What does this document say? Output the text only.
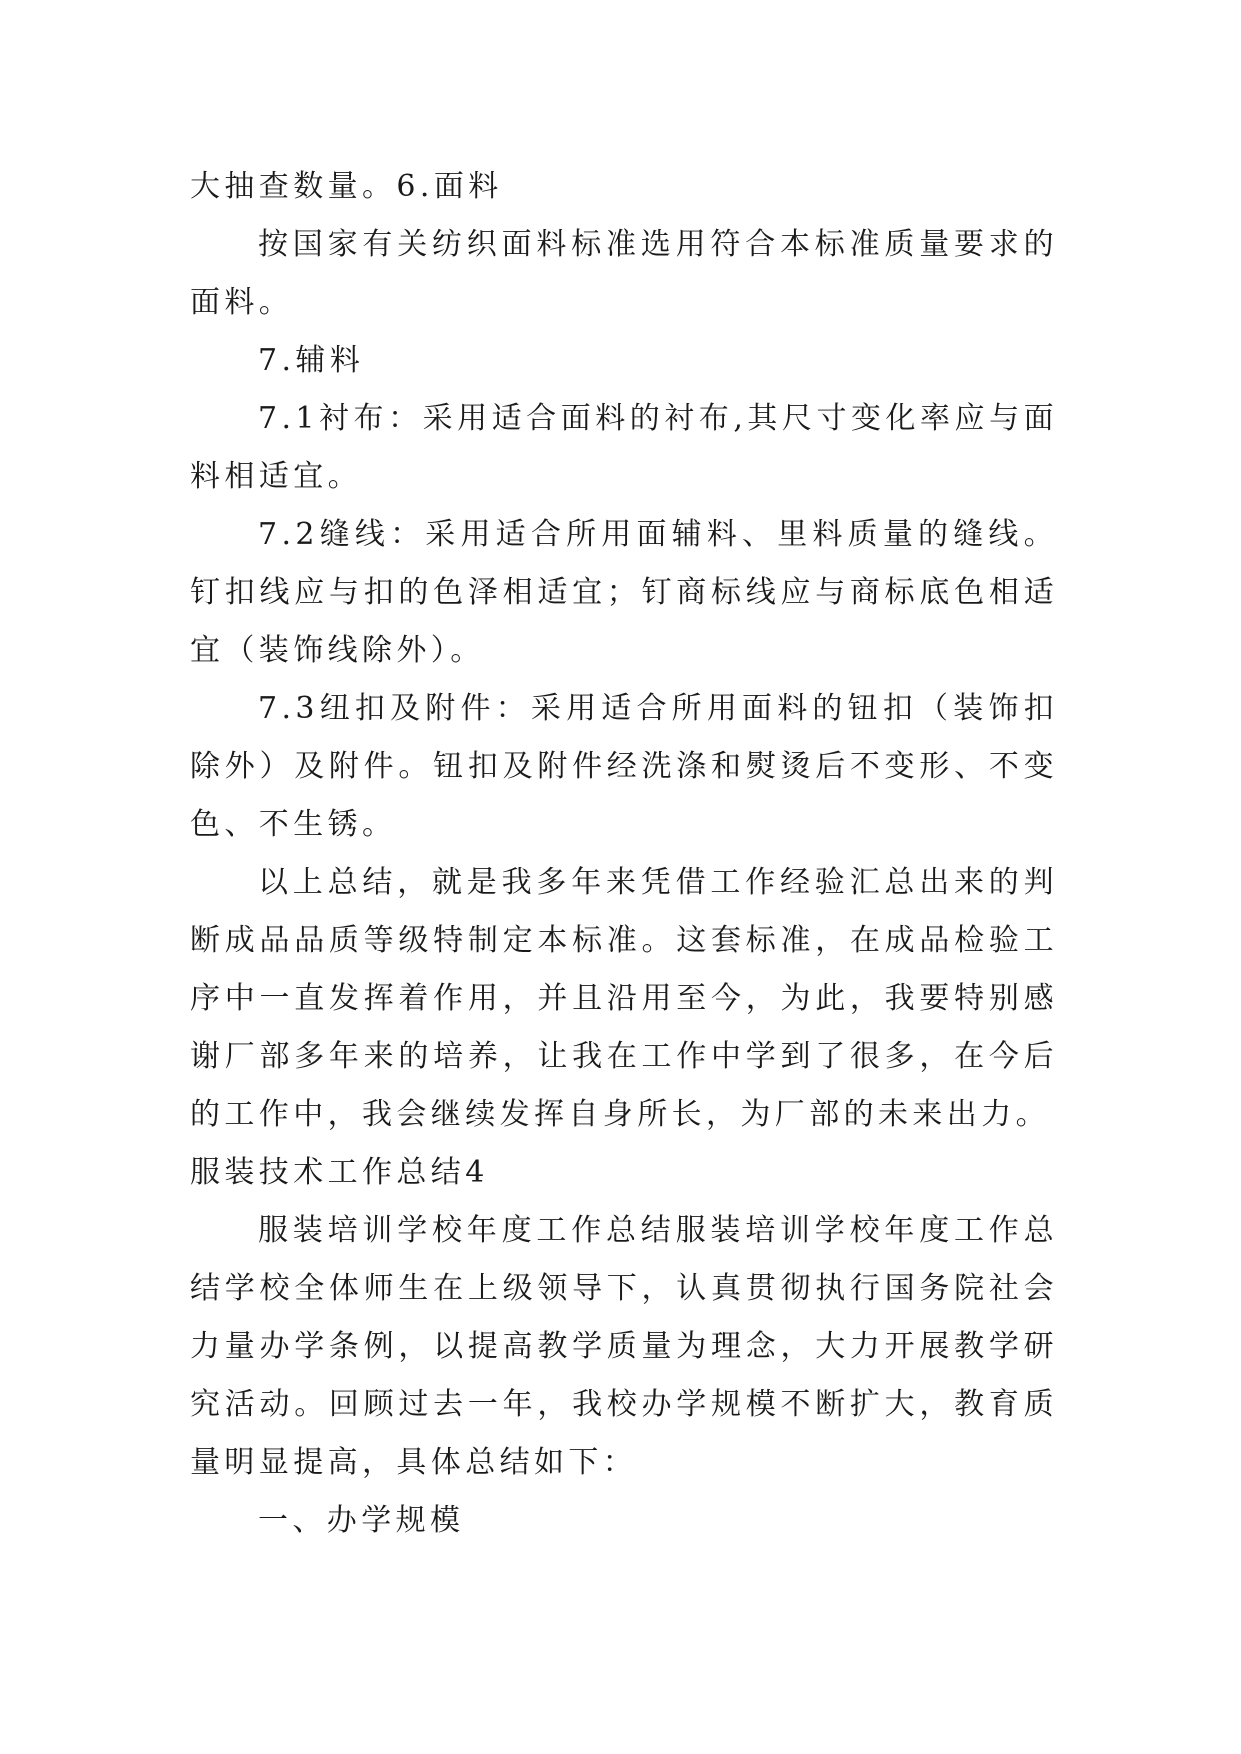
大抽查数量。6.面料

按国家有关纺织面料标准选用符合本标准质量要求的面料。

7.辅料

7.1衬布：采用适合面料的衬布,其尺寸变化率应与面料相适宜。

7.2缝线：采用适合所用面辅料、里料质量的缝线。钉扣线应与扣的色泽相适宜；钉商标线应与商标底色相适宜（装饰线除外）。

7.3纽扣及附件：采用适合所用面料的钮扣（装饰扣除外）及附件。钮扣及附件经洗涤和熨烫后不变形、不变色、不生锈。

以上总结，就是我多年来凭借工作经验汇总出来的判断成品品质等级特制定本标准。这套标准，在成品检验工序中一直发挥着作用，并且沿用至今，为此，我要特别感谢厂部多年来的培养，让我在工作中学到了很多，在今后的工作中，我会继续发挥自身所长，为厂部的未来出力。

服装技术工作总结4

服装培训学校年度工作总结服装培训学校年度工作总结学校全体师生在上级领导下，认真贯彻执行国务院社会力量办学条例，以提高教学质量为理念，大力开展教学研究活动。回顾过去一年，我校办学规模不断扩大，教育质量明显提高，具体总结如下：

一、办学规模
